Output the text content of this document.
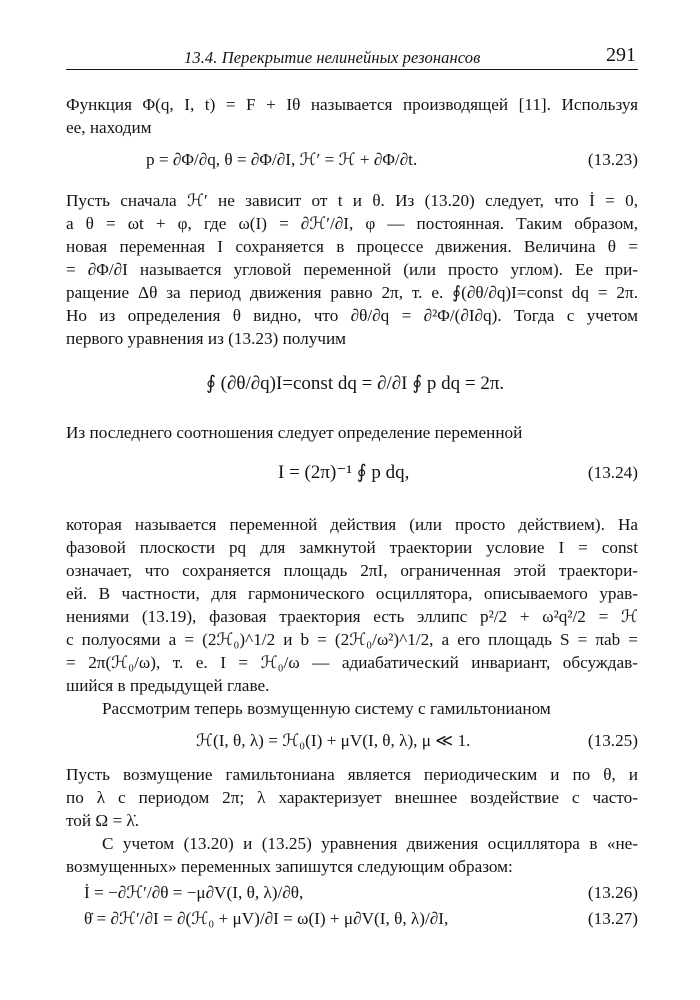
13.4. Перекрытие нелинейных резонансов	291
Функция Φ(q, I, t) = F + Iθ называется производящей [11]. Используя
ее, находим
p = ∂Φ/∂q, θ = ∂Φ/∂I, ℋ′ = ℋ + ∂Φ/∂t.	(13.23)
Пусть сначала ℋ′ не зависит от t и θ. Из (13.20) следует, что İ = 0,
а θ = ωt + φ, где ω(I) = ∂ℋ′/∂I, φ — постоянная. Таким образом,
новая переменная I сохраняется в процессе движения. Величина θ =
= ∂Φ/∂I называется угловой переменной (или просто углом). Ее при-
ращение Δθ за период движения равно 2π, т. е. ∮(∂θ/∂q)I=const dq = 2π.
Но из определения θ видно, что ∂θ/∂q = ∂²Φ/(∂I∂q). Тогда с учетом
первого уравнения из (13.23) получим
∮ (∂θ/∂q)I=const dq = ∂/∂I ∮ p dq = 2π.
Из последнего соотношения следует определение переменной
I = (2π)⁻¹ ∮ p dq,	(13.24)
которая называется переменной действия (или просто действием). На
фазовой плоскости pq для замкнутой траектории условие I = const
означает, что сохраняется площадь 2πI, ограниченная этой траектори-
ей. В частности, для гармонического осциллятора, описываемого урав-
нениями (13.19), фазовая траектория есть эллипс p²/2 + ω²q²/2 = ℋ
с полуосями a = (2ℋ₀)^1/2 и b = (2ℋ₀/ω²)^1/2, а его площадь S = πab =
= 2π(ℋ₀/ω), т. е. I = ℋ₀/ω — адиабатический инвариант, обсуждав-
шийся в предыдущей главе.
Рассмотрим теперь возмущенную систему с гамильтонианом
ℋ(I, θ, λ) = ℋ₀(I) + μV(I, θ, λ), μ ≪ 1.	(13.25)
Пусть возмущение гамильтониана является периодическим и по θ, и
по λ с периодом 2π; λ характеризует внешнее воздействие с часто-
той Ω = λ̇.
С учетом (13.20) и (13.25) уравнения движения осциллятора в «не-
возмущенных» переменных запишутся следующим образом:
İ = −∂ℋ′/∂θ = −μ∂V(I, θ, λ)/∂θ,	(13.26)
θ̇ = ∂ℋ′/∂I = ∂(ℋ₀ + μV)/∂I = ω(I) + μ∂V(I, θ, λ)/∂I,	(13.27)
